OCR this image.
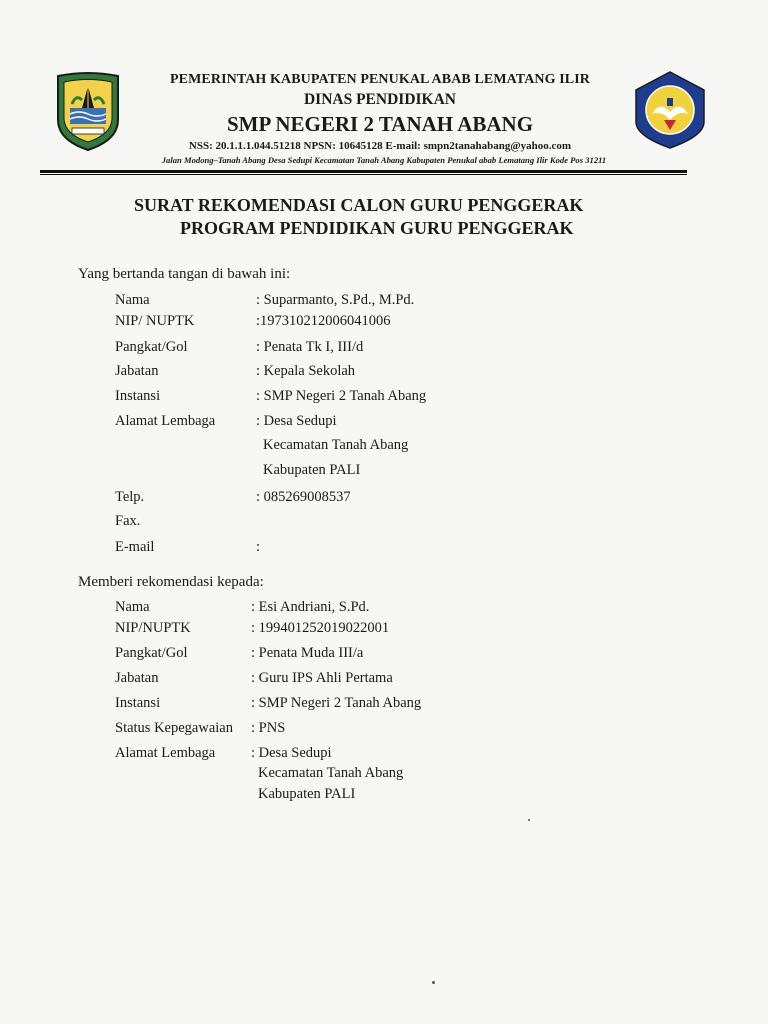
PEMERINTAH KABUPATEN PENUKAL ABAB LEMATANG ILIR
DINAS PENDIDIKAN
SMP NEGERI 2 TANAH ABANG
NSS: 20.1.1.1.044.51218 NPSN: 10645128 E-mail: smpn2tanahabang@yahoo.com
Jalan Modong–Tanah Abang Desa Sedupi Kecamatan Tanah Abang Kabupaten Penukal abab Lematang Ilir Kode Pos 31211
SURAT REKOMENDASI CALON GURU PENGGERAK
PROGRAM PENDIDIKAN GURU PENGGERAK
Yang bertanda tangan di bawah ini:
Nama	: Suparmanto, S.Pd., M.Pd.
NIP/ NUPTK	:197310212006041006
Pangkat/Gol	: Penata Tk I, III/d
Jabatan	: Kepala Sekolah
Instansi	: SMP Negeri 2 Tanah Abang
Alamat Lembaga	: Desa Sedupi
Kecamatan Tanah Abang
Kabupaten PALI
Telp.	: 085269008537
Fax.
E-mail	:
Memberi rekomendasi kepada:
Nama	: Esi Andriani, S.Pd.
NIP/NUPTK	: 199401252019022001
Pangkat/Gol	: Penata Muda III/a
Jabatan	: Guru IPS Ahli Pertama
Instansi	: SMP Negeri 2 Tanah Abang
Status Kepegawaian : PNS
Alamat Lembaga : Desa Sedupi
Kecamatan Tanah Abang
Kabupaten PALI
